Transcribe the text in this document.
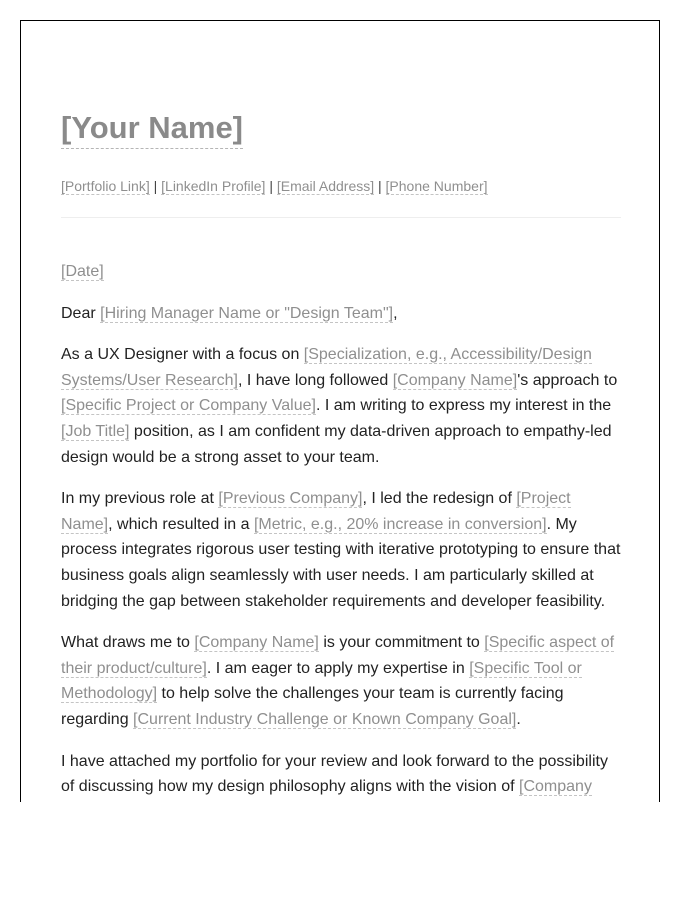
[Your Name]
[Portfolio Link] | [LinkedIn Profile] | [Email Address] | [Phone Number]

[Date]

Dear [Hiring Manager Name or "Design Team"],

As a UX Designer with a focus on [Specialization, e.g., Accessibility/Design Systems/User Research], I have long followed [Company Name]'s approach to [Specific Project or Company Value]. I am writing to express my interest in the [Job Title] position, as I am confident my data-driven approach to empathy-led design would be a strong asset to your team.

In my previous role at [Previous Company], I led the redesign of [Project Name], which resulted in a [Metric, e.g., 20% increase in conversion]. My process integrates rigorous user testing with iterative prototyping to ensure that business goals align seamlessly with user needs. I am particularly skilled at bridging the gap between stakeholder requirements and developer feasibility.

What draws me to [Company Name] is your commitment to [Specific aspect of their product/culture]. I am eager to apply my expertise in [Specific Tool or Methodology] to help solve the challenges your team is currently facing regarding [Current Industry Challenge or Known Company Goal].

I have attached my portfolio for your review and look forward to the possibility of discussing how my design philosophy aligns with the vision of [Company
